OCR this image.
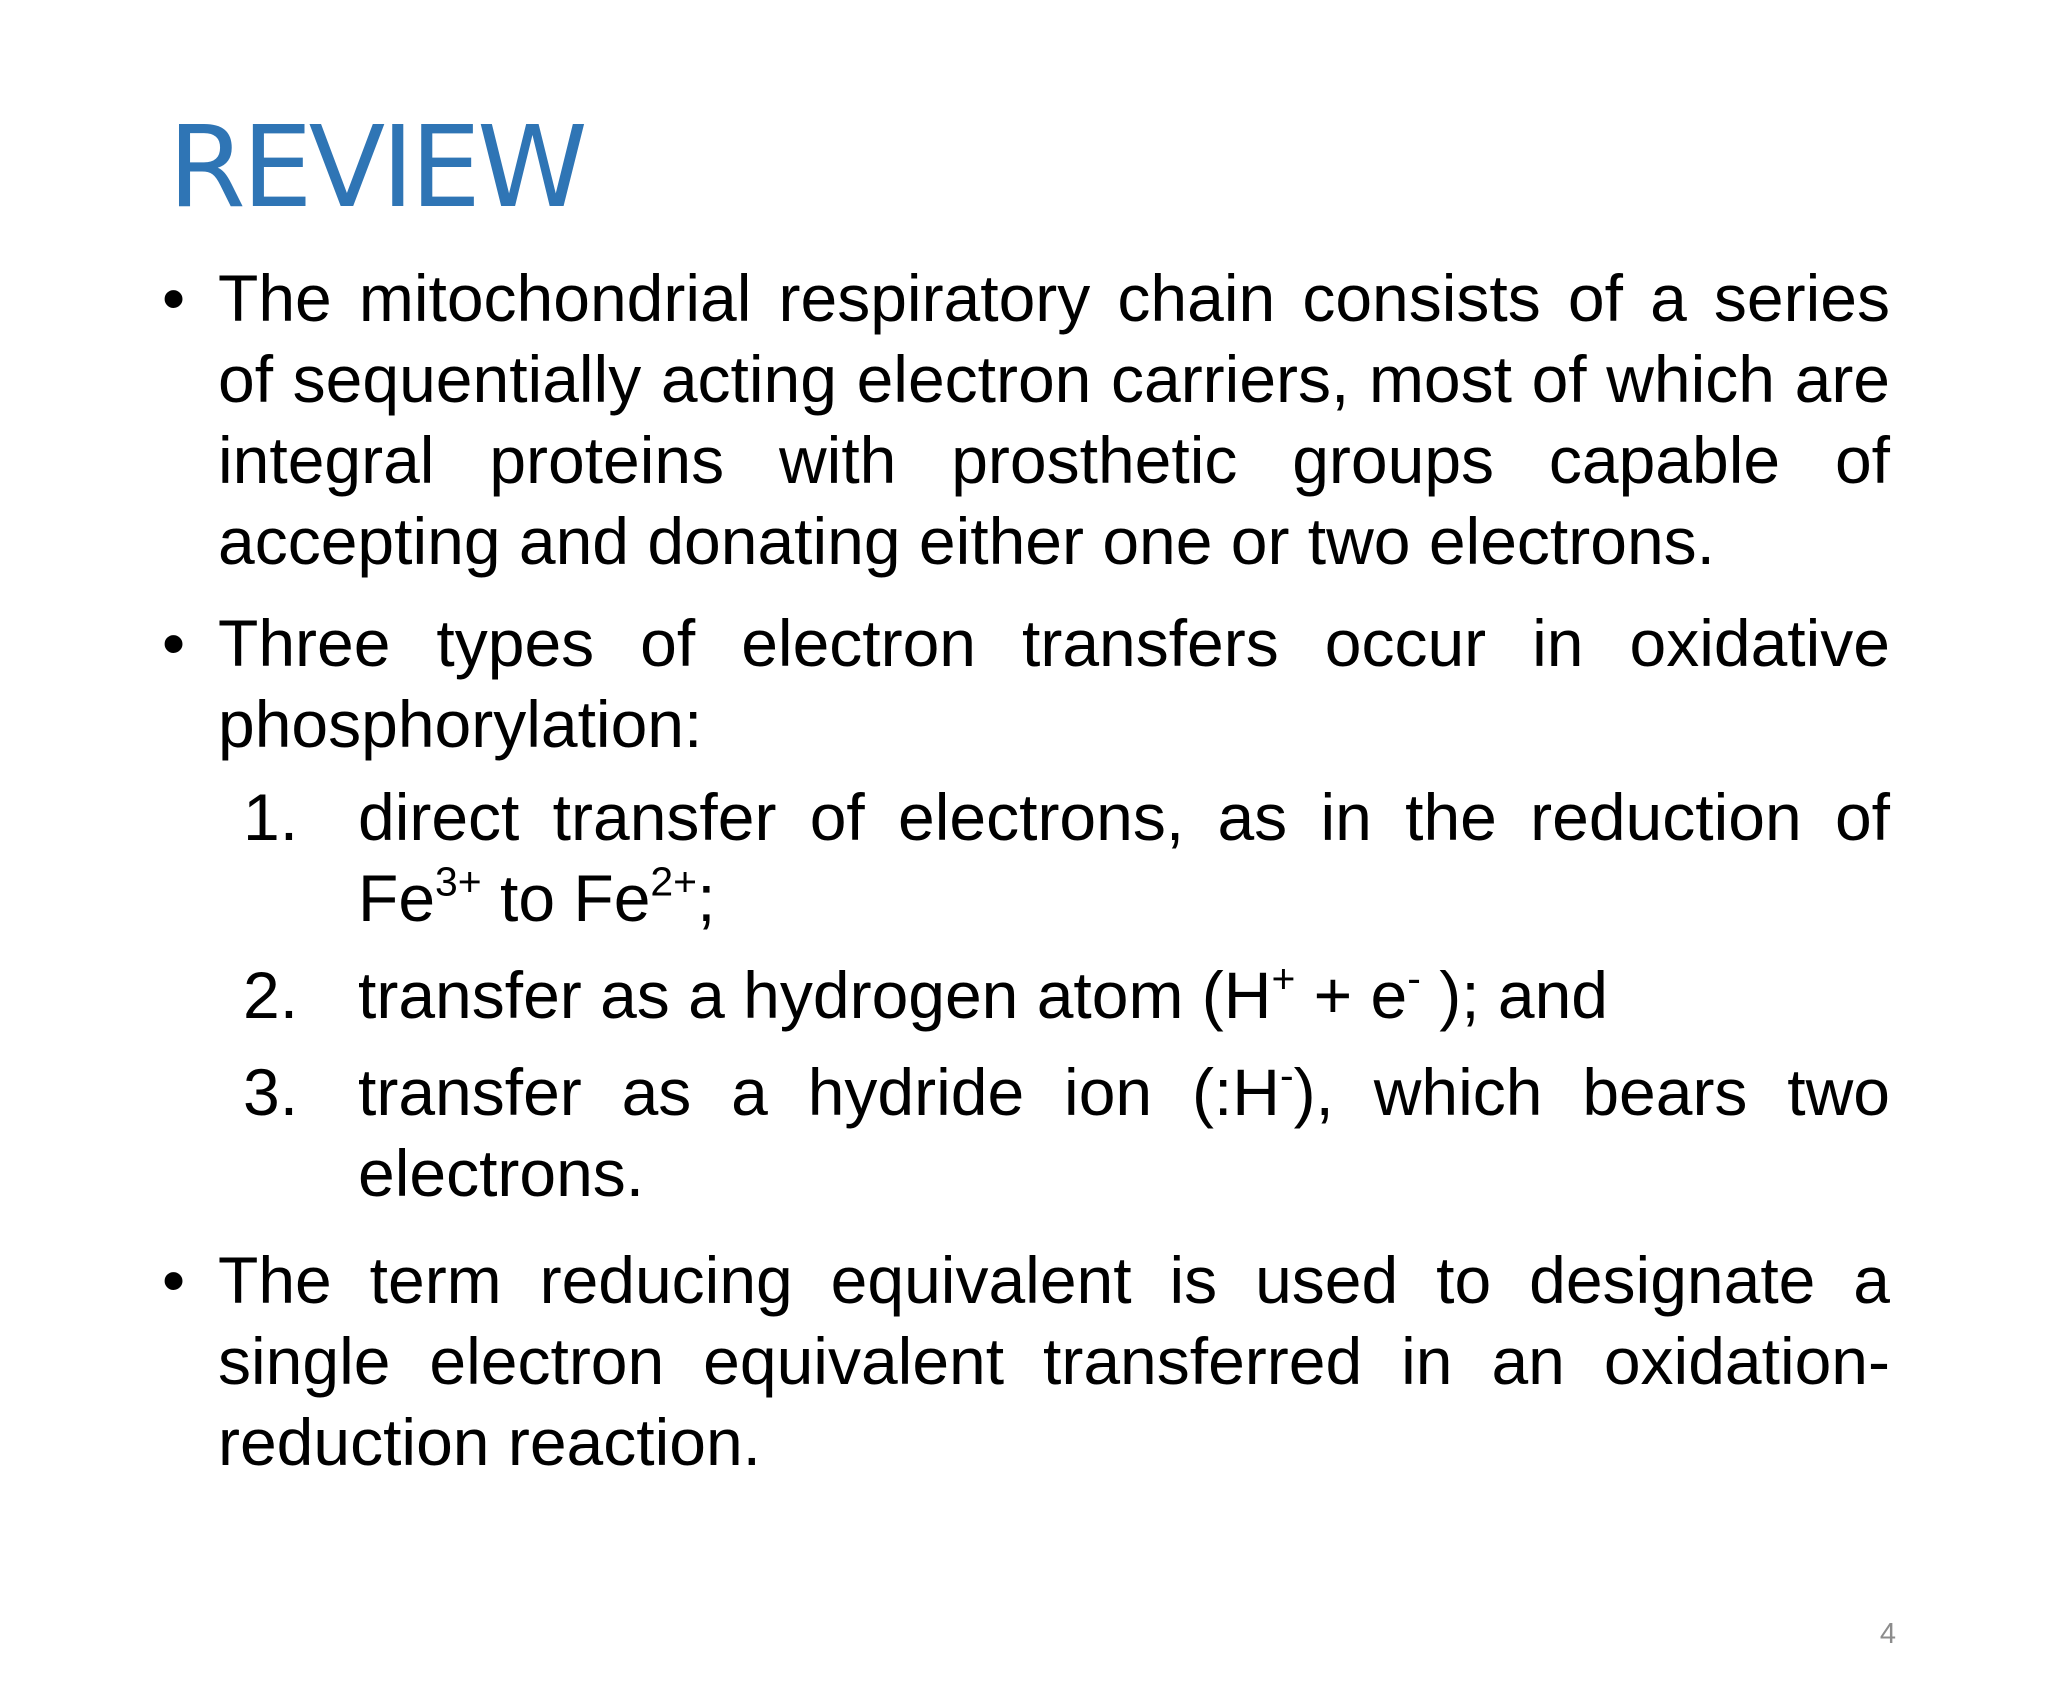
REVIEW

• The mitochondrial respiratory chain consists of a series of sequentially acting electron carriers, most of which are integral proteins with prosthetic groups capable of accepting and donating either one or two electrons.

• Three types of electron transfers occur in oxidative phosphorylation:

1. direct transfer of electrons, as in the reduction of $Fe^{3+}$ to $Fe^{2+}$;
2. transfer as a hydrogen atom (H+ + e- ); and
3. transfer as a hydride ion (:H-), which bears two electrons.

• The term reducing equivalent is used to designate a single electron equivalent transferred in an oxidation-reduction reaction.

4
